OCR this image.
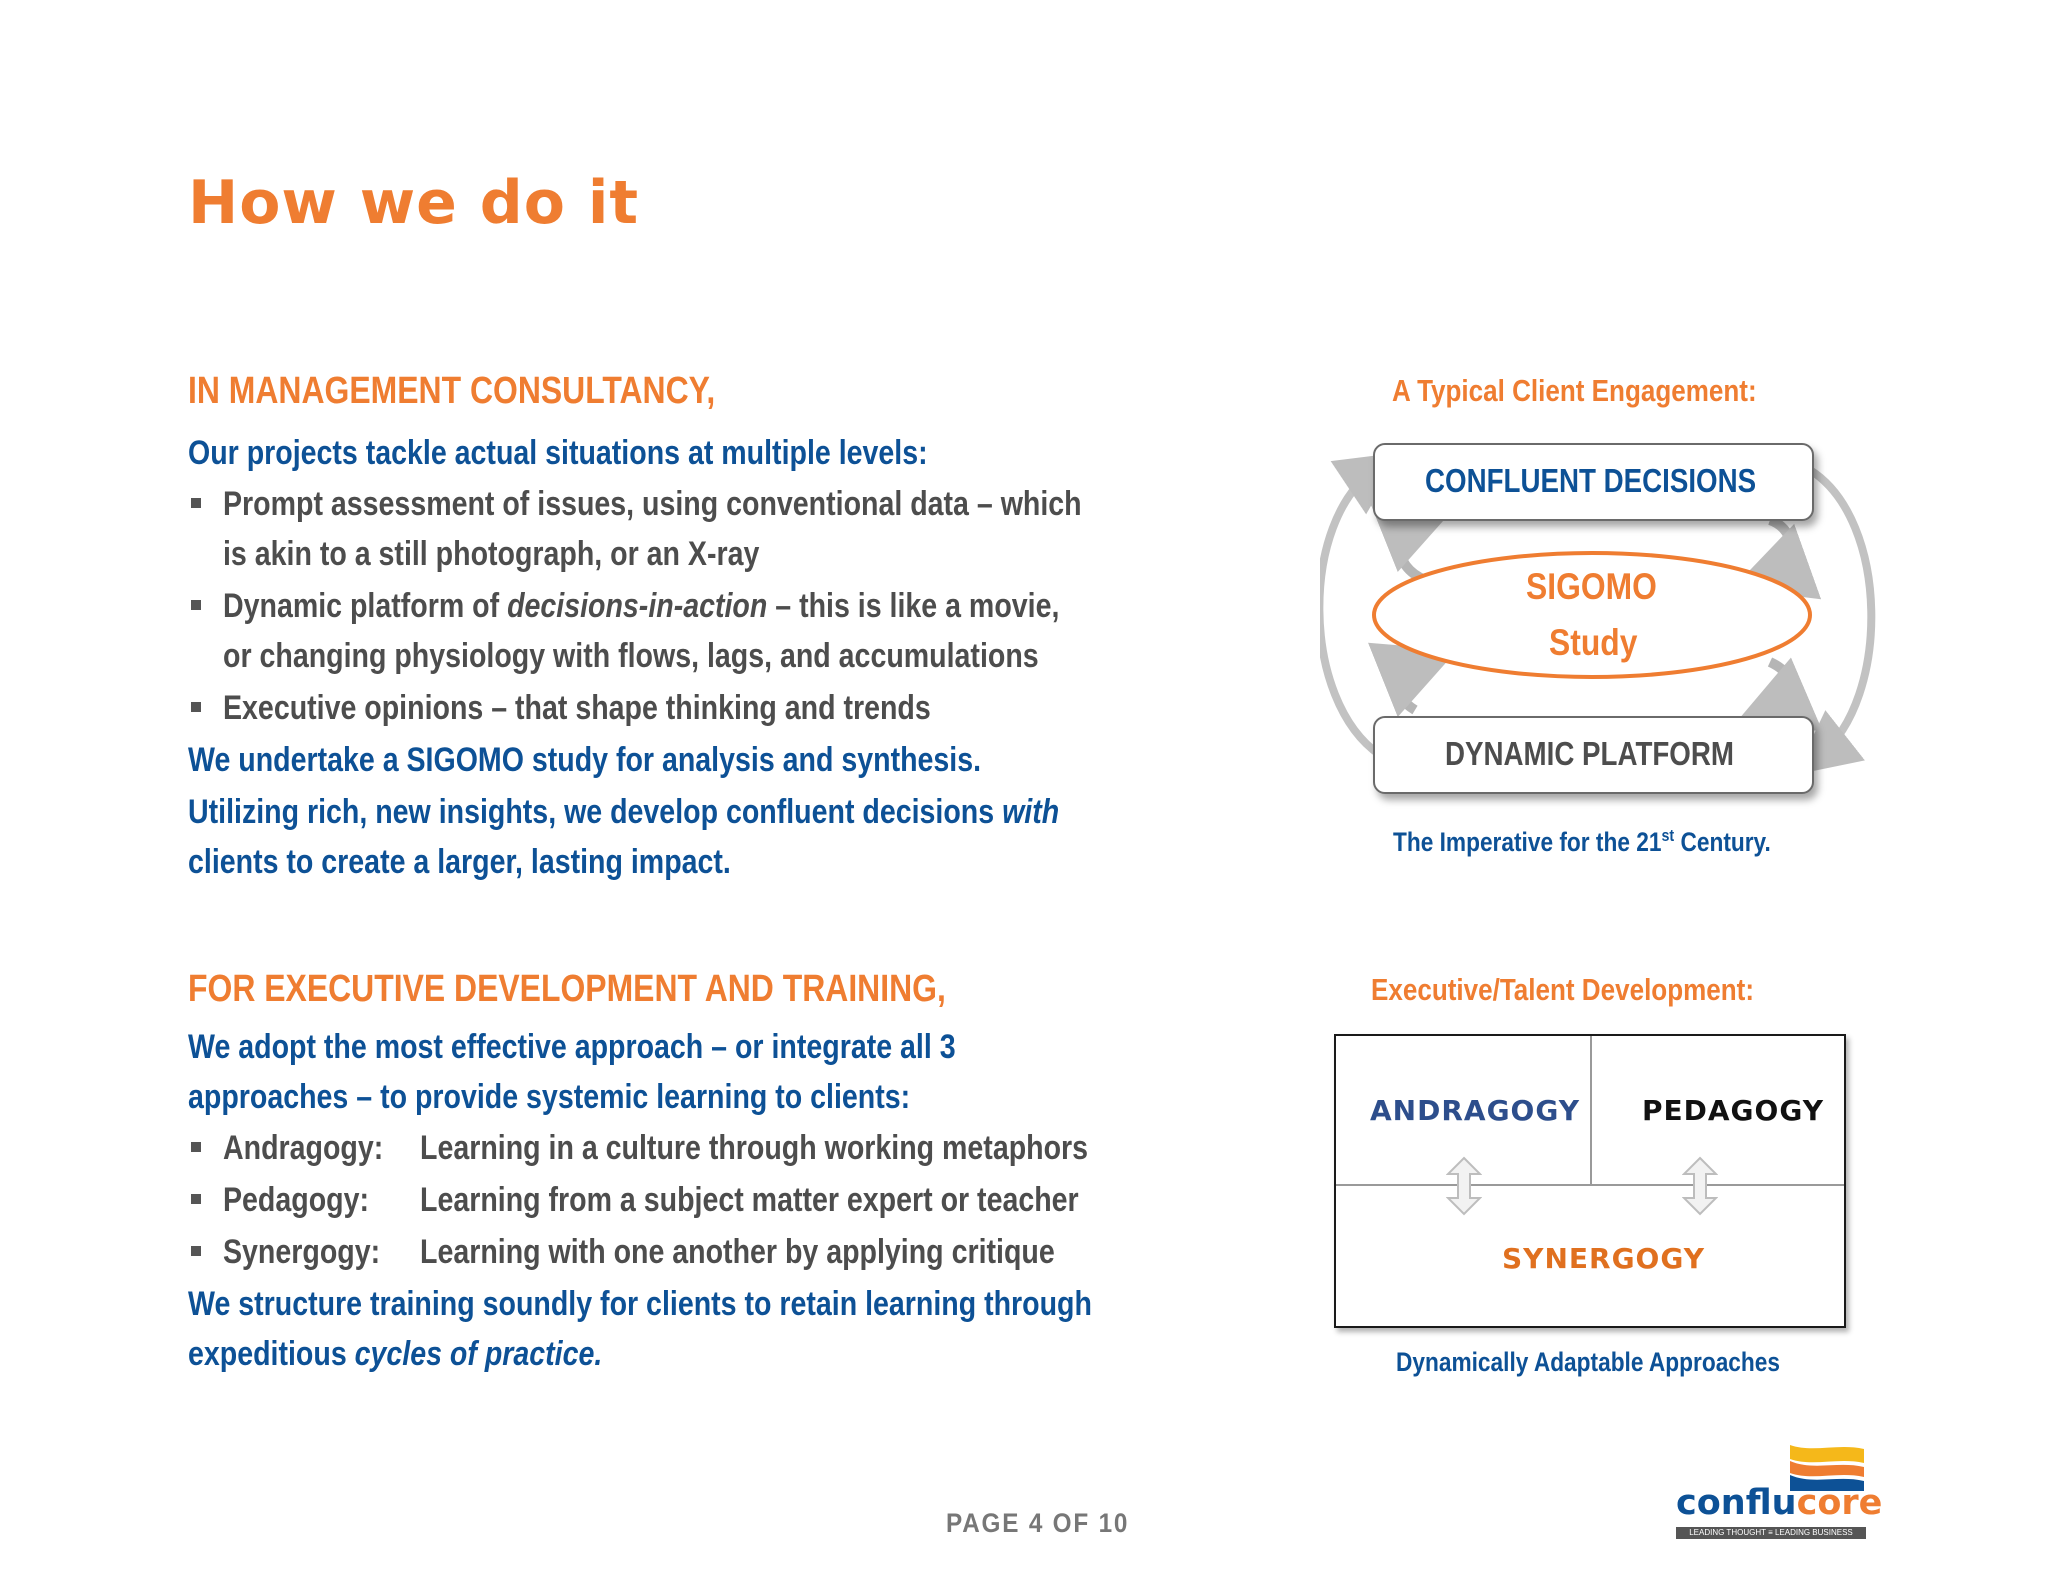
How we do it
IN MANAGEMENT CONSULTANCY,
Our projects tackle actual situations at multiple levels:
Prompt assessment of issues, using conventional data – which
is akin to a still photograph, or an X-ray
Dynamic platform of decisions-in-action – this is like a movie,
or changing physiology with flows, lags, and accumulations
Executive opinions – that shape thinking and trends
We undertake a SIGOMO study for analysis and synthesis.
Utilizing rich, new insights, we develop confluent decisions with
clients to create a larger, lasting impact.
A Typical Client Engagement:
CONFLUENT DECISIONS
SIGOMO
Study
DYNAMIC PLATFORM
The Imperative for the 21st Century.
FOR EXECUTIVE DEVELOPMENT AND TRAINING,
We adopt the most effective approach – or integrate all 3
approaches – to provide systemic learning to clients:
Andragogy: Learning in a culture through working metaphors
Pedagogy: Learning from a subject matter expert or teacher
Synergogy: Learning with one another by applying critique
We structure training soundly for clients to retain learning through
expeditious cycles of practice.
Executive/Talent Development:
ANDRAGOGY PEDAGOGY
SYNERGOGY
Dynamically Adaptable Approaches
PAGE 4 OF 10	conflucore
LEADING THOUGHT ≡ LEADING BUSINESS
